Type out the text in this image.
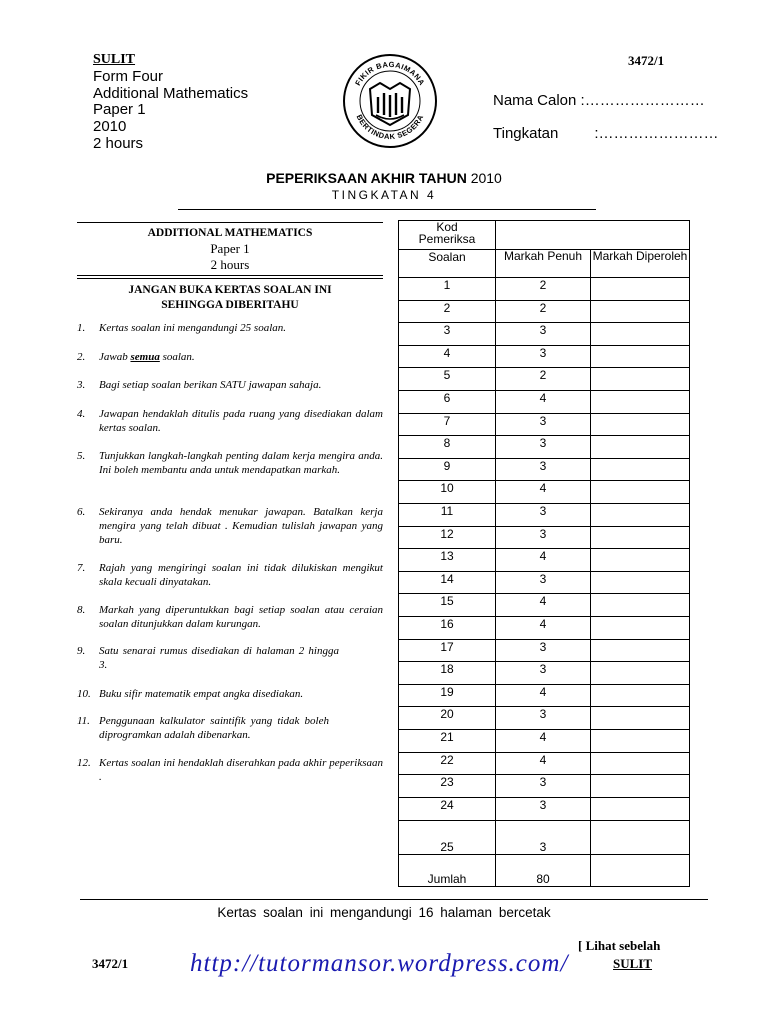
SULIT
Form Four
Additional Mathematics
Paper 1
2010
2 hours
3472/1
FIKIR BAGAIMANA
BERTINDAK SEGERA
Nama Calon :……………………
Tingkatan :……………………
PEPERIKSAAN AKHIR TAHUN 2010
TINGKATAN 4
ADDITIONAL MATHEMATICS
Paper 1
2 hours
JANGAN BUKA KERTAS SOALAN INI
SEHINGGA DIBERITAHU
1. Kertas soalan ini mengandungi 25 soalan.
2. Jawab semua soalan.
3. Bagi setiap soalan berikan SATU jawapan sahaja.
4. Jawapan hendaklah ditulis pada ruang yang disediakan dalam kertas soalan.
5. Tunjukkan langkah-langkah penting dalam kerja mengira anda. Ini boleh membantu anda untuk mendapatkan markah.
6. Sekiranya anda hendak menukar jawapan. Batalkan kerja mengira yang telah dibuat . Kemudian tulislah jawapan yang baru.
7. Rajah yang mengiringi soalan ini tidak dilukiskan mengikut skala kecuali dinyatakan.
8. Markah yang diperuntukkan bagi setiap soalan atau ceraian soalan ditunjukkan dalam kurungan.
9. Satu senarai rumus disediakan di halaman 2 hingga 3.
10. Buku sifir matematik empat angka disediakan.
11. Penggunaan kalkulator saintifik yang tidak boleh diprogramkan adalah dibenarkan.
12. Kertas soalan ini hendaklah diserahkan pada akhir peperiksaan .
Kod
Pemeriksa		

Soalan	Markah Penuh	Markah Diperoleh
1	2	
2	2	
3	3	
4	3	
5	2	
6	4	
7	3	
8	3	
9	3	
10	4	
11	3	
12	3	
13	4	
14	3	
15	4	
16	4	
17	3	
18	3	
19	4	
20	3	
21	4	
22	4	
23	3	
24	3	
25	3	
Jumlah	80	
Kertas soalan ini mengandungi 16 halaman bercetak
[ Lihat sebelah
3472/1 http://tutormansor.wordpress.com/	SULIT
